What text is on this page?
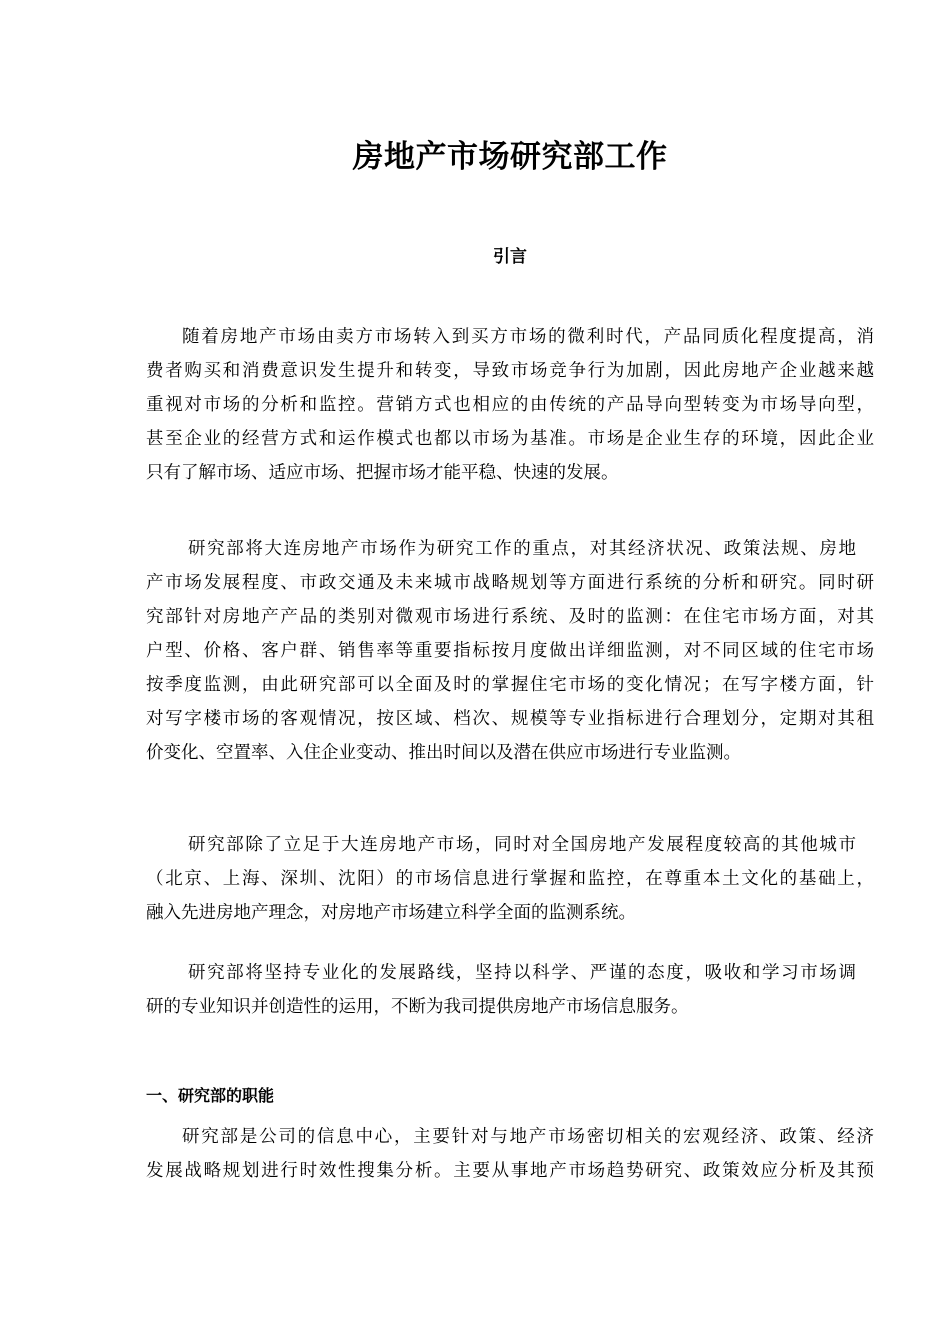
房地产市场研究部工作
引言
随着房地产市场由卖方市场转入到买方市场的微利时代，产品同质化程度提高，消
费者购买和消费意识发生提升和转变，导致市场竞争行为加剧，因此房地产企业越来越
重视对市场的分析和监控。营销方式也相应的由传统的产品导向型转变为市场导向型，
甚至企业的经营方式和运作模式也都以市场为基准。市场是企业生存的环境，因此企业
只有了解市场、适应市场、把握市场才能平稳、快速的发展。
研究部将大连房地产市场作为研究工作的重点，对其经济状况、政策法规、房地
产市场发展程度、市政交通及未来城市战略规划等方面进行系统的分析和研究。同时研
究部针对房地产产品的类别对微观市场进行系统、及时的监测：在住宅市场方面，对其
户型、价格、客户群、销售率等重要指标按月度做出详细监测，对不同区域的住宅市场
按季度监测，由此研究部可以全面及时的掌握住宅市场的变化情况；在写字楼方面，针
对写字楼市场的客观情况，按区域、档次、规模等专业指标进行合理划分，定期对其租
价变化、空置率、入住企业变动、推出时间以及潜在供应市场进行专业监测。
研究部除了立足于大连房地产市场，同时对全国房地产发展程度较高的其他城市
（北京、上海、深圳、沈阳）的市场信息进行掌握和监控，在尊重本土文化的基础上，
融入先进房地产理念，对房地产市场建立科学全面的监测系统。
研究部将坚持专业化的发展路线，坚持以科学、严谨的态度，吸收和学习市场调
研的专业知识并创造性的运用，不断为我司提供房地产市场信息服务。
一、研究部的职能
研究部是公司的信息中心，主要针对与地产市场密切相关的宏观经济、政策、经济
发展战略规划进行时效性搜集分析。主要从事地产市场趋势研究、政策效应分析及其预
